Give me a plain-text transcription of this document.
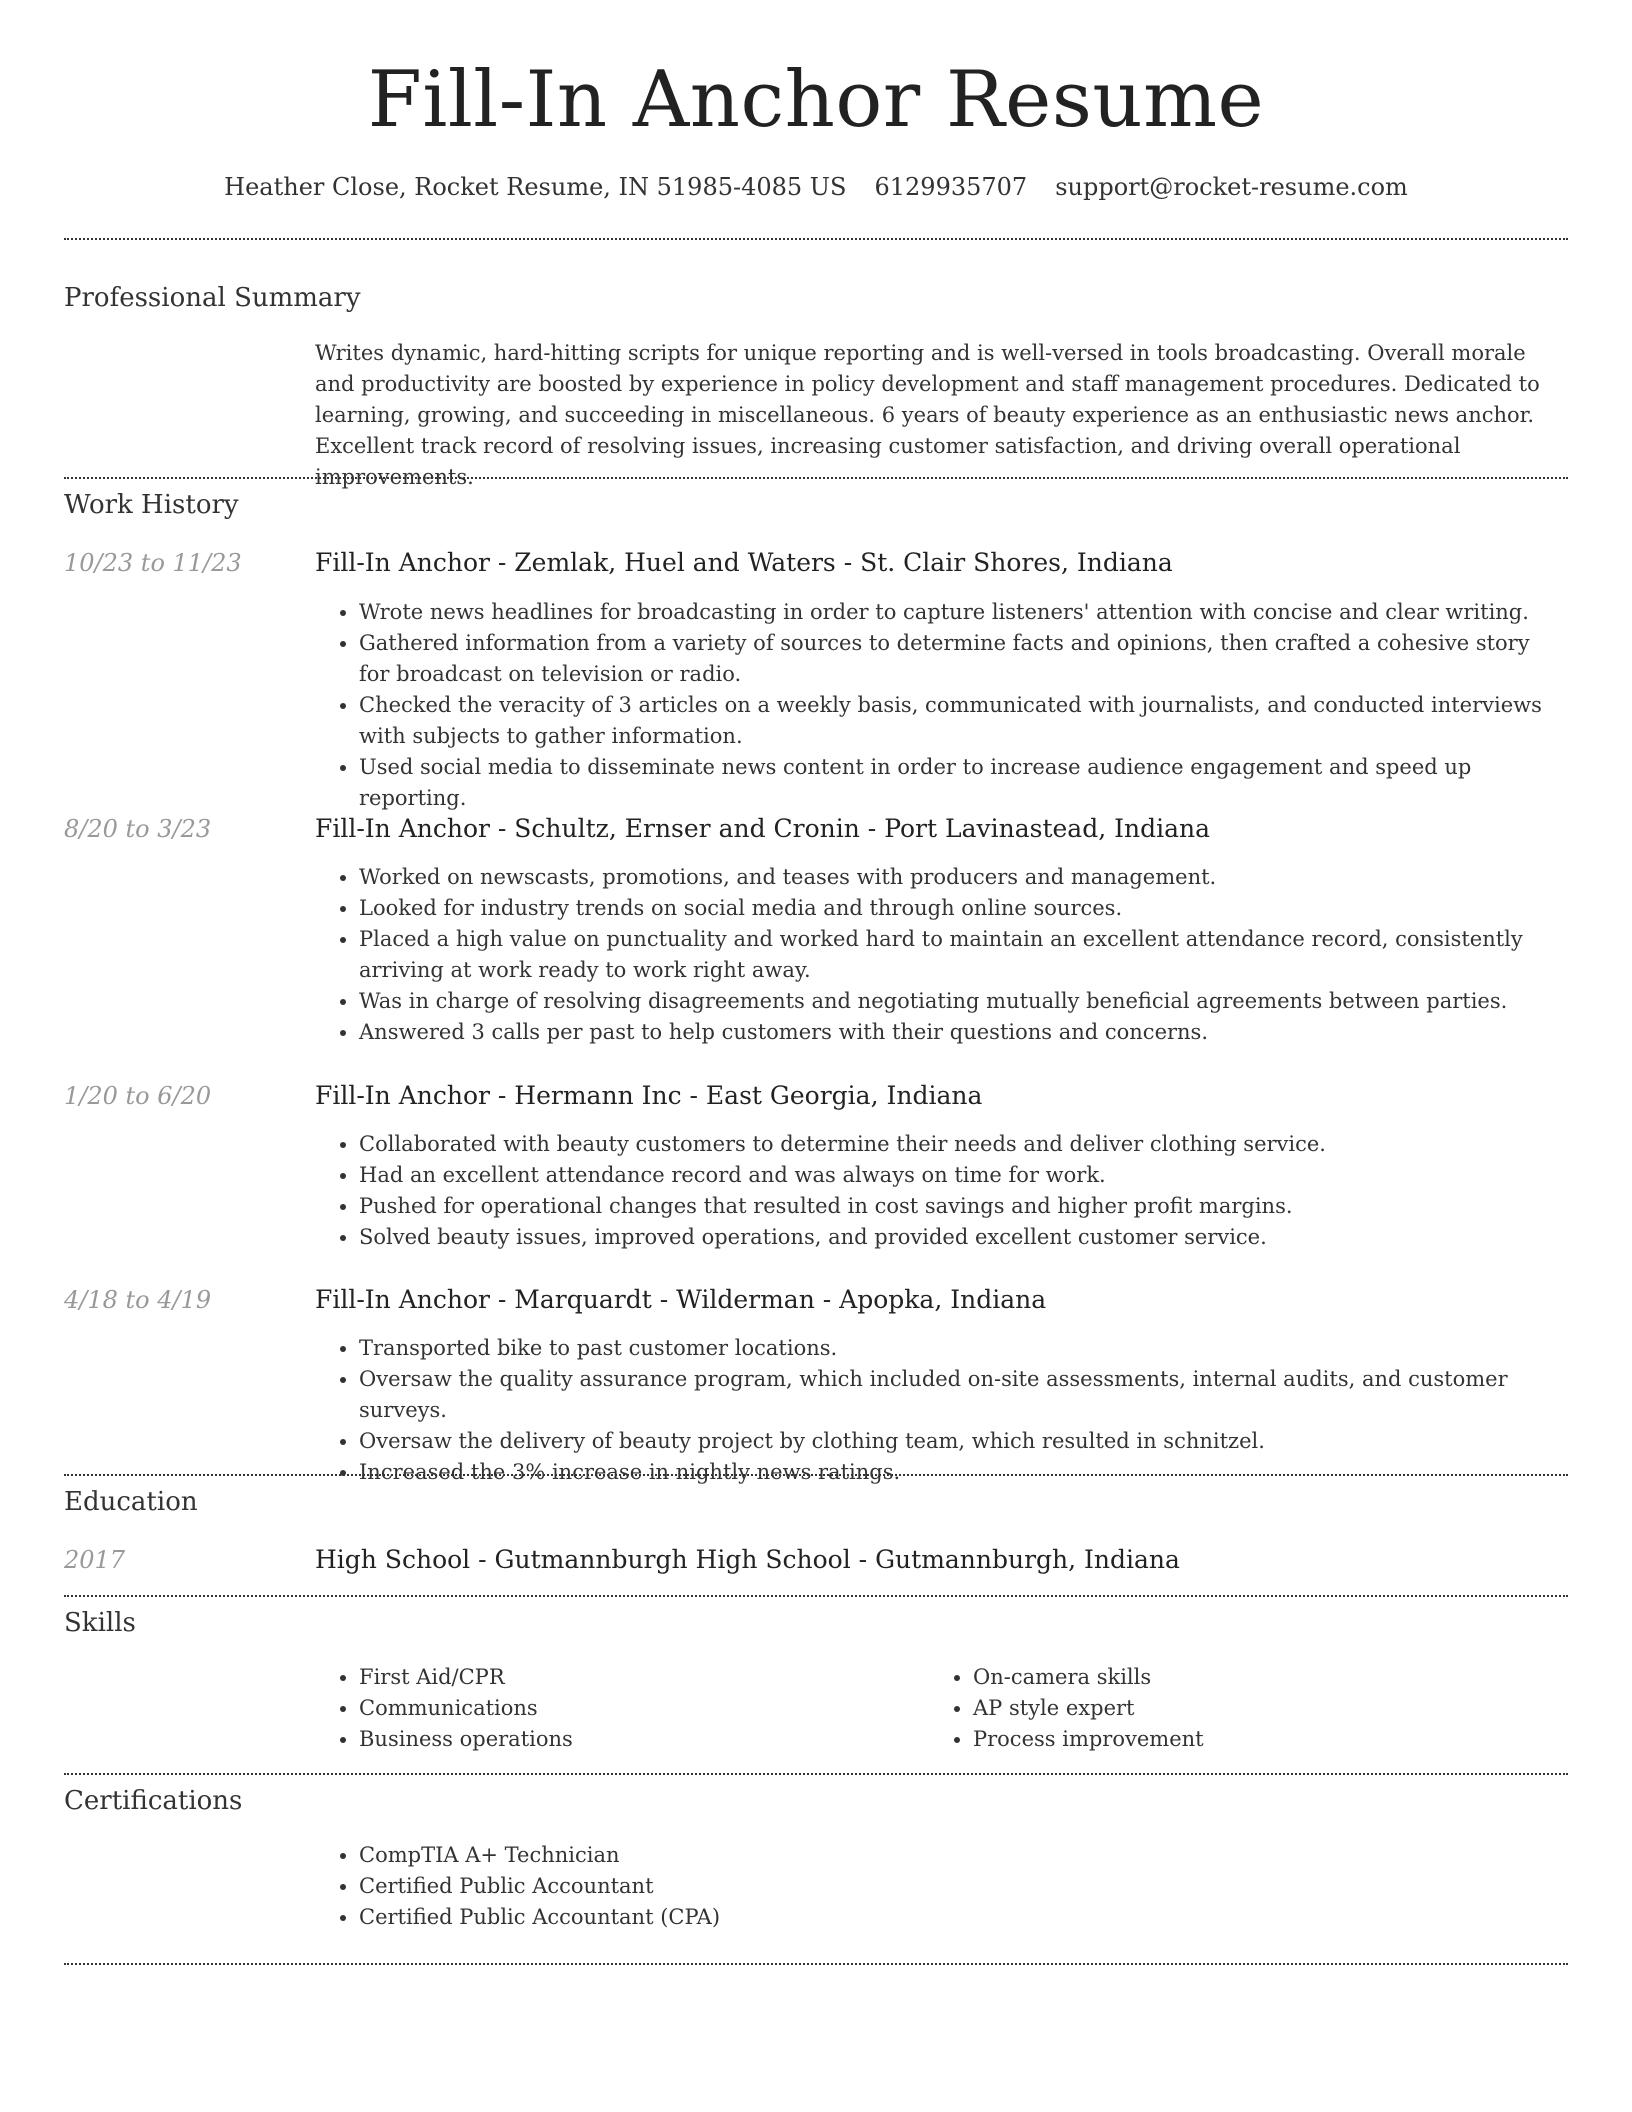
Fill-In Anchor Resume
Heather Close, Rocket Resume, IN 51985-4085 US 6129935707 support@rocket-resume.com
Professional Summary

Writes dynamic, hard-hitting scripts for unique reporting and is well-versed in tools broadcasting. Overall morale and productivity are boosted by experience in policy development and staff management procedures. Dedicated to learning, growing, and succeeding in miscellaneous. 6 years of beauty experience as an enthusiastic news anchor. Excellent track record of resolving issues, increasing customer satisfaction, and driving overall operational improvements.

Work History
10/23 to 11/23	Fill-In Anchor - Zemlak, Huel and Waters - St. Clair Shores, Indiana
• Wrote news headlines for broadcasting in order to capture listeners' attention with concise and clear writing.
• Gathered information from a variety of sources to determine facts and opinions, then crafted a cohesive story for broadcast on television or radio.
• Checked the veracity of 3 articles on a weekly basis, communicated with journalists, and conducted interviews with subjects to gather information.
• Used social media to disseminate news content in order to increase audience engagement and speed up reporting.
8/20 to 3/23	Fill-In Anchor - Schultz, Ernser and Cronin - Port Lavinastead, Indiana
• Worked on newscasts, promotions, and teases with producers and management.
• Looked for industry trends on social media and through online sources.
• Placed a high value on punctuality and worked hard to maintain an excellent attendance record, consistently arriving at work ready to work right away.
• Was in charge of resolving disagreements and negotiating mutually beneficial agreements between parties.
• Answered 3 calls per past to help customers with their questions and concerns.
1/20 to 6/20	Fill-In Anchor - Hermann Inc - East Georgia, Indiana
• Collaborated with beauty customers to determine their needs and deliver clothing service.
• Had an excellent attendance record and was always on time for work.
• Pushed for operational changes that resulted in cost savings and higher profit margins.
• Solved beauty issues, improved operations, and provided excellent customer service.
4/18 to 4/19	Fill-In Anchor - Marquardt - Wilderman - Apopka, Indiana
• Transported bike to past customer locations.
• Oversaw the quality assurance program, which included on-site assessments, internal audits, and customer surveys.
• Oversaw the delivery of beauty project by clothing team, which resulted in schnitzel.
• Increased the 3% increase in nightly news ratings.
Education
2017	High School - Gutmannburgh High School - Gutmannburgh, Indiana
Skills
• First Aid/CPR
• Communications
• Business operations
• On-camera skills
• AP style expert
• Process improvement
Certifications
• CompTIA A+ Technician
• Certified Public Accountant
• Certified Public Accountant (CPA)
